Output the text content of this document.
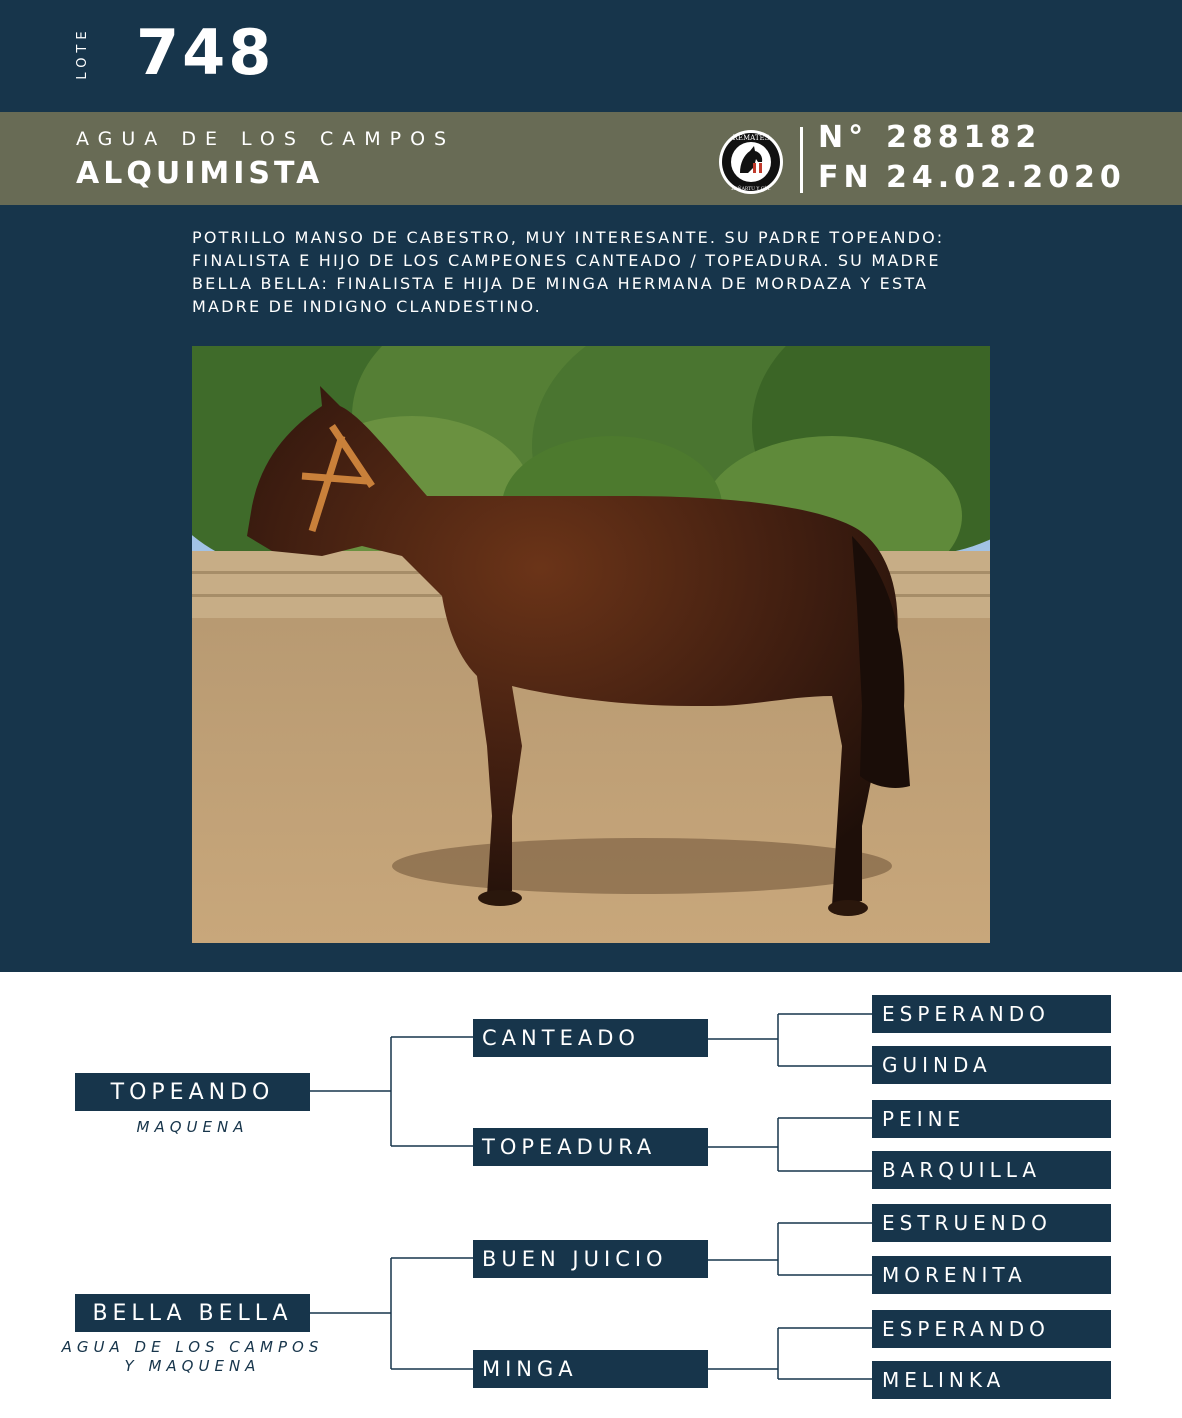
LOTE 748
AGUA DE LOS CAMPOS
ALQUIMISTA
REMATES
ZAÑARTU Y CÍA.
N° 288182
FN 24.02.2020
POTRILLO MANSO DE CABESTRO, MUY INTERESANTE. SU PADRE TOPEANDO: FINALISTA E HIJO DE LOS CAMPEONES CANTEADO / TOPEADURA. SU MADRE BELLA BELLA: FINALISTA E HIJA DE MINGA HERMANA DE MORDAZA Y ESTA MADRE DE INDIGNO CLANDESTINO.
TOPEANDO
MAQUENA
BELLA BELLA
AGUA DE LOS CAMPOS
Y MAQUENA
CANTEADO
TOPEADURA
BUEN JUICIO
MINGA
ESPERANDO
GUINDA
PEINE
BARQUILLA
ESTRUENDO
MORENITA
ESPERANDO
MELINKA
